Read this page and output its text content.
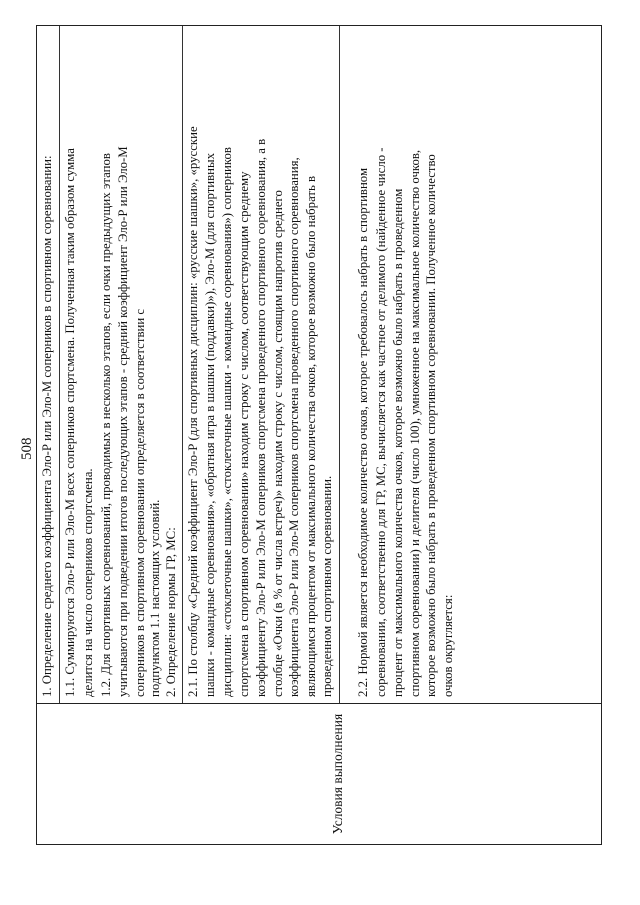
508
Условия выполнения
1. Определение среднего коэффициента Эло-Р или Эло-М соперников в спортивном соревновании: 1.1. Суммируются Эло-Р или Эло-М всех соперников спортсмена. Полученная таким образом сумма делится на число соперников спортсмена. 1.2. Для спортивных соревнований, проводимых в несколько этапов, если очки предыдущих этапов учитываются при подведении итогов последующих этапов - средний коэффициент Эло-Р или Эло-М соперников в спортивном соревновании определяется в соответствии с подпунктом 1.1 настоящих условий. 2. Определение нормы ГР, МС: 2.1. По столбцу «Средний коэффициент Эло-Р (для спортивных дисциплин: «русские шашки», «русские шашки - командные соревнования», «обратная игра в шашки (поддавки)»), Эло-М (для спортивных дисциплин: «стоклеточные шашки», «стоклеточные шашки - командные соревнования») соперников спортсмена в спортивном соревновании» находим строку с числом, соответствующим среднему коэффициенту Эло-Р или Эло-М соперников спортсмена проведенного спортивного соревнования, а в столбце «Очки (в % от числа встреч)» находим строку с числом, стоящим напротив среднего коэффициента Эло-Р или Эло-М соперников спортсмена проведенного спортивного соревнования, являющимся процентом от максимального количества очков, которое возможно было набрать в проведенном спортивном соревновании. 2.2. Нормой является необходимое количество очков, которое требовалось набрать в спортивном соревновании, соответственно для ГР, МС, вычисляется как частное от делимого (найденное число - процент от максимального количества очков, которое возможно было набрать в проведенном спортивном соревновании) и делителя (число 100), умноженное на максимальное количество очков, которое возможно было набрать в проведенном спортивном соревновании. Полученное количество очков округляется:
